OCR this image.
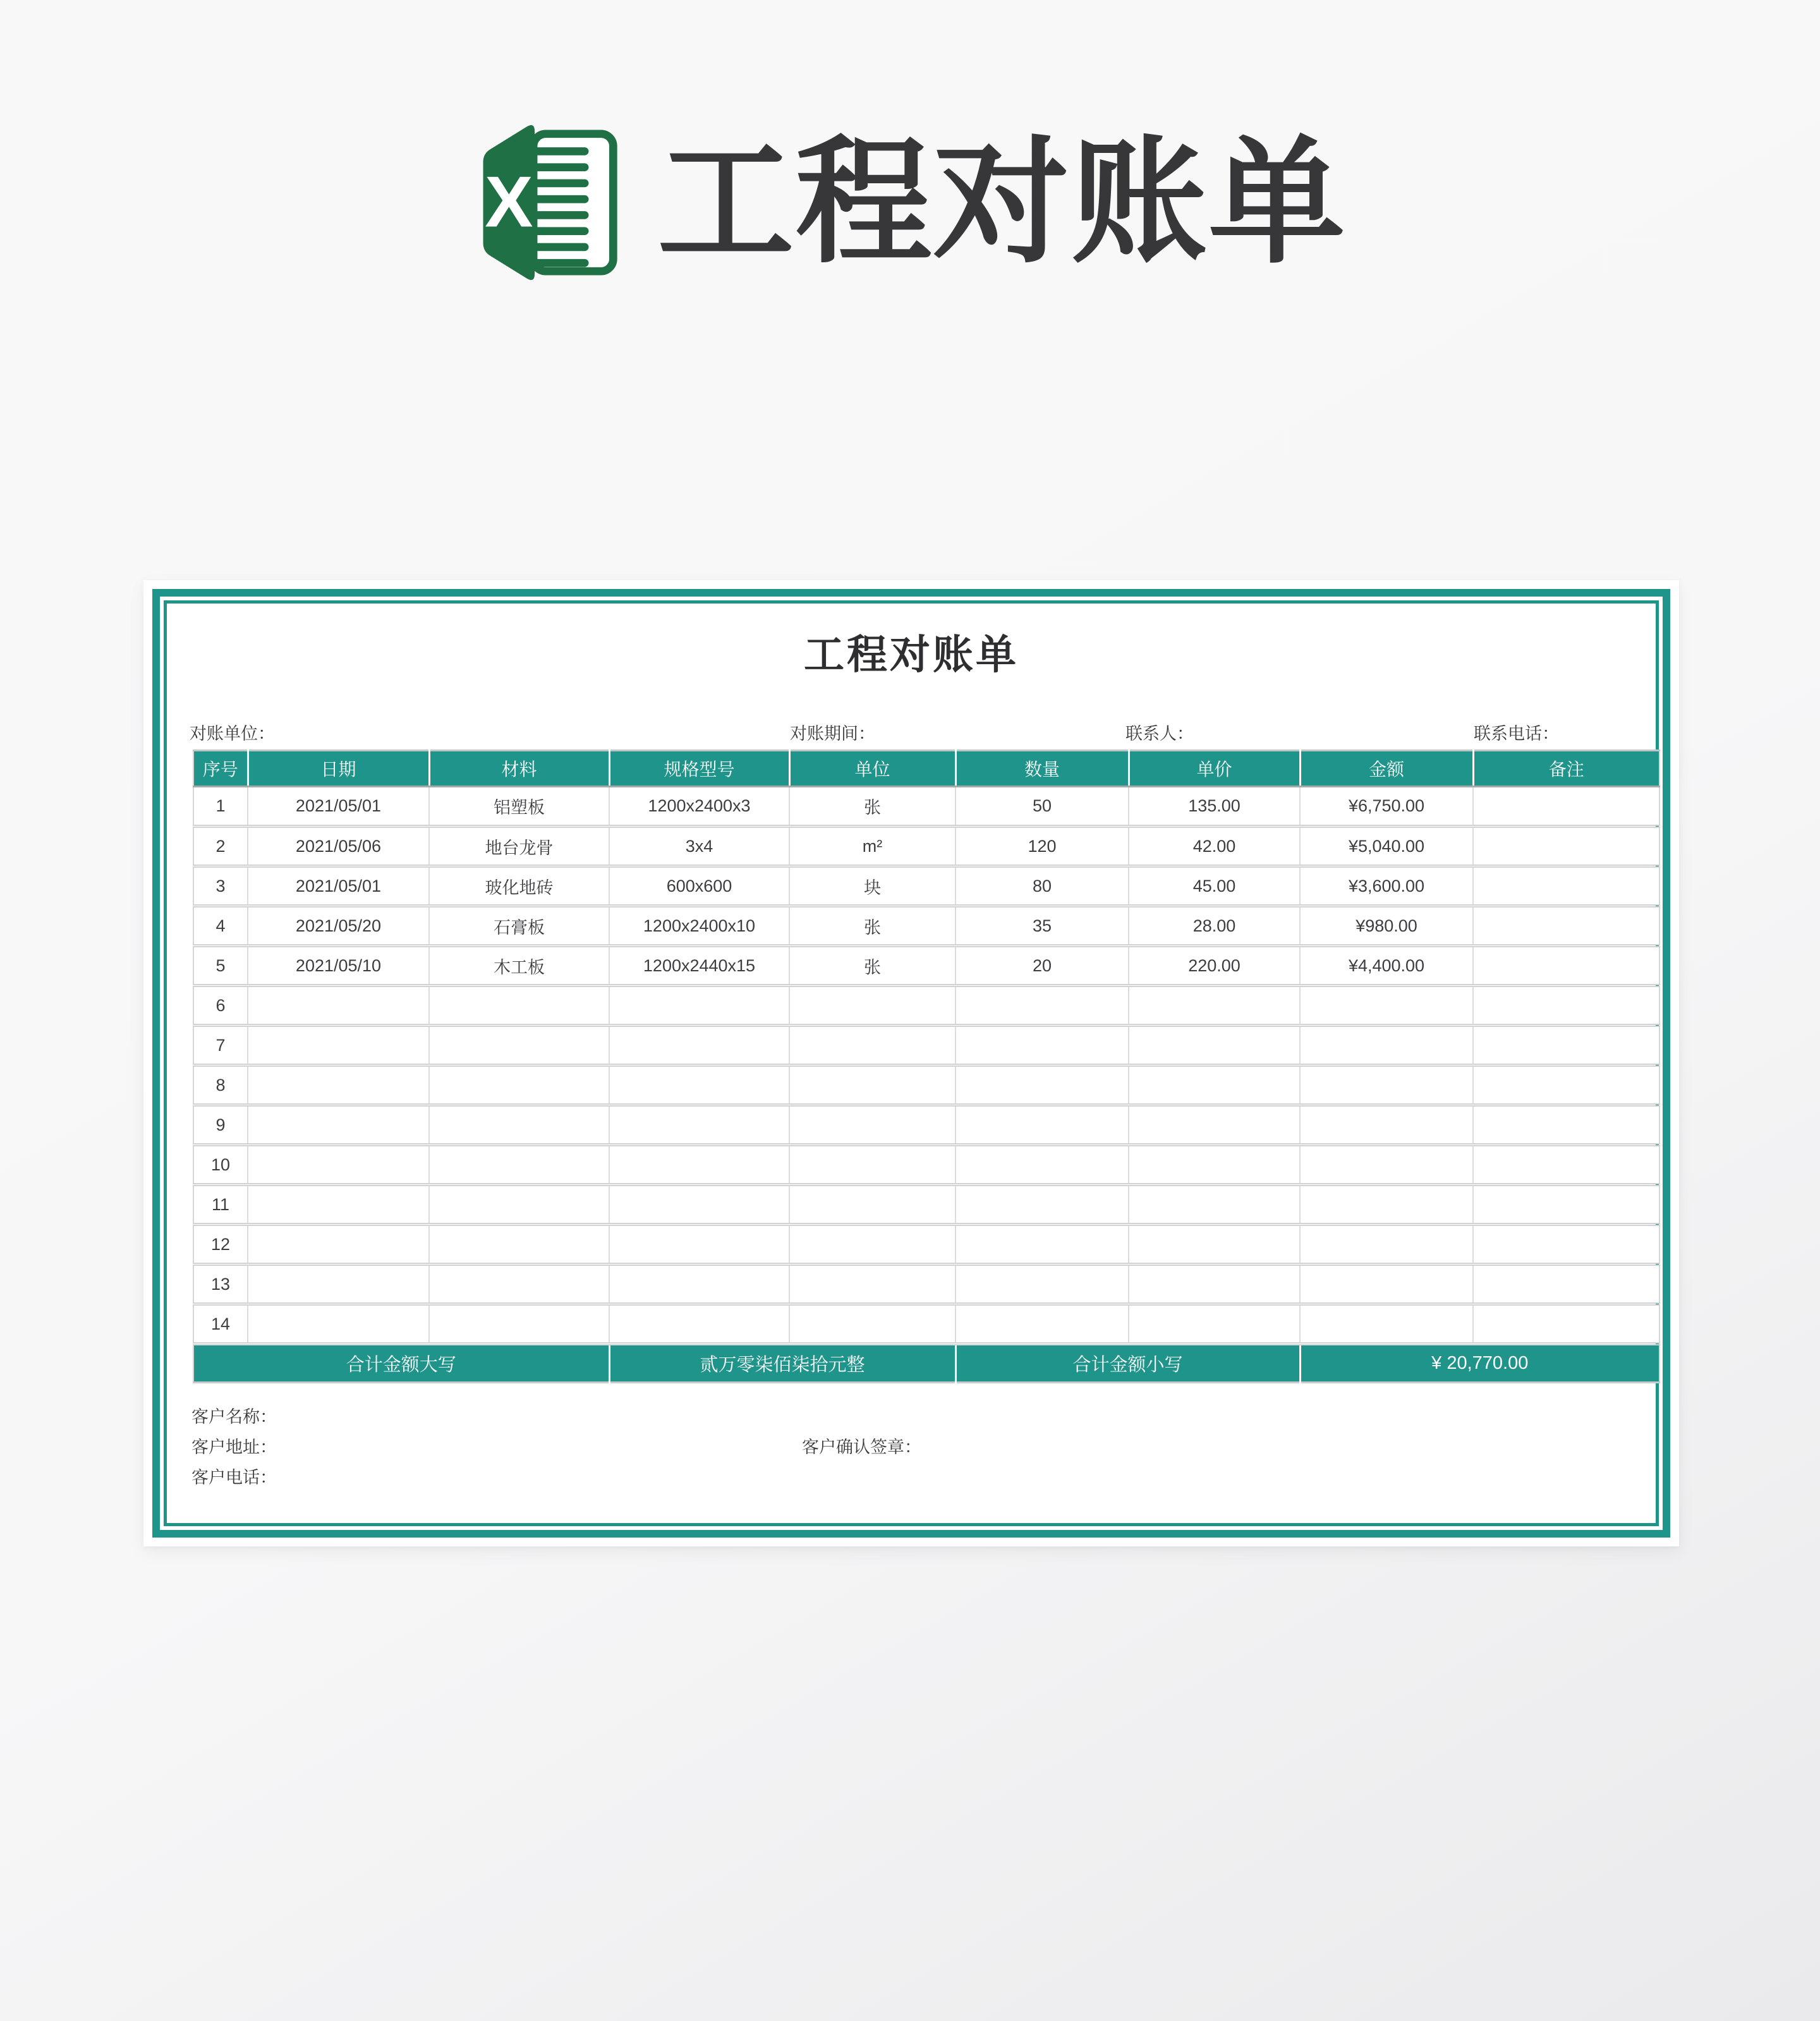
X 工程对账单
工程对账单
对账单位：	对账期间：	联系人：	联系电话：
序号	日期	材料	规格型号	单位	数量	单价	金额	备注
1	2021/05/01	铝塑板	1200x2400x3	张	50	135.00	¥6,750.00	
2	2021/05/06	地台龙骨	3x4	m²	120	42.00	¥5,040.00	
3	2021/05/01	玻化地砖	600x600	块	80	45.00	¥3,600.00	
4	2021/05/20	石膏板	1200x2400x10	张	35	28.00	¥980.00	
5	2021/05/10	木工板	1200x2440x15	张	20	220.00	¥4,400.00	
6								
7								
8								
9								
10								
11								
12								
13								
14								
合计金额大写			贰万零柒佰柒拾元整		合计金额小写		¥ 20,770.00	
客户名称：
客户地址：	客户确认签章：
客户电话：
